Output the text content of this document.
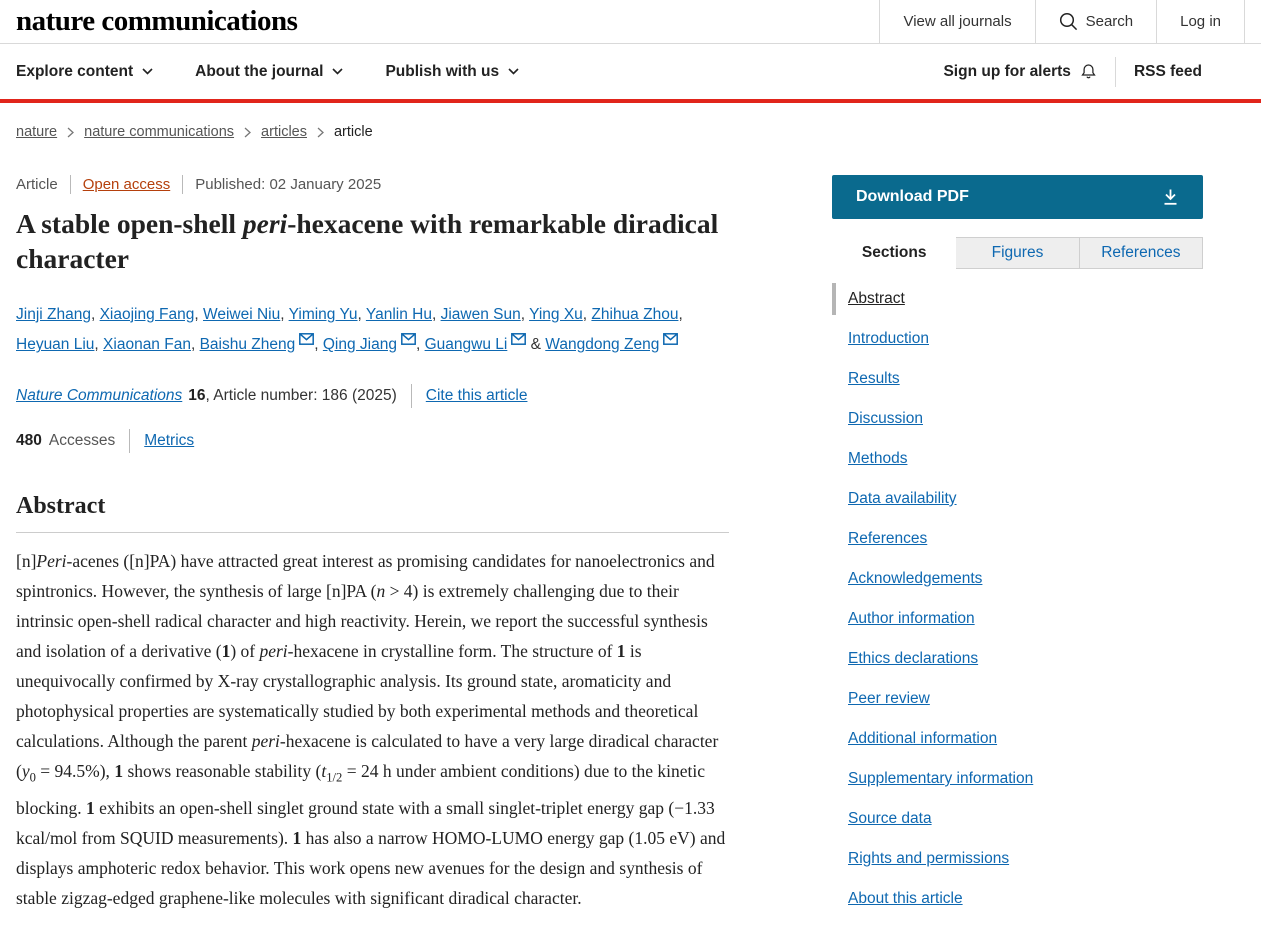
nature communications	View all journals	Search	Log in
Explore content	About the journal	Publish with us	Sign up for alerts	RSS feed
nature nature communications articles article
Article Open access Published: 02 January 2025
A stable open-shell peri-hexacene with remarkable diradical character
Jinji Zhang, Xiaojing Fang, Weiwei Niu, Yiming Yu, Yanlin Hu, Jiawen Sun, Ying Xu, Zhihua Zhou, Heyuan Liu, Xiaonan Fan, Baishu Zheng , Qing Jiang , Guangwu Li & Wangdong Zeng
Nature Communications 16 , Article number: 186 (2025) Cite this article
480 Accesses Metrics
Abstract

[n]Peri-acenes ([n]PA) have attracted great interest as promising candidates for nanoelectronics and spintronics. However, the synthesis of large [n]PA (n > 4) is extremely challenging due to their intrinsic open-shell radical character and high reactivity. Herein, we report the successful synthesis and isolation of a derivative (1) of peri-hexacene in crystalline form. The structure of 1 is unequivocally confirmed by X-ray crystallographic analysis. Its ground state, aromaticity and photophysical properties are systematically studied by both experimental methods and theoretical calculations. Although the parent peri-hexacene is calculated to have a very large diradical character $(y_0 = 94.5\%)$, 1 shows reasonable stability ($t_{1/2} = 24$ h under ambient conditions) due to the kinetic blocking. 1 exhibits an open-shell singlet ground state with a small singlet-triplet energy gap (−1.33 kcal/mol from SQUID measurements). 1 has also a narrow HOMO-LUMO energy gap (1.05 eV) and displays amphoteric redox behavior. This work opens new avenues for the design and synthesis of stable zigzag-edged graphene-like molecules with significant diradical character.

Download PDF
Sections	Figures	References
Abstract
Introduction
Results
Discussion
Methods
Data availability
References
Acknowledgements
Author information
Ethics declarations
Peer review
Additional information
Supplementary information
Source data
Rights and permissions
About this article
